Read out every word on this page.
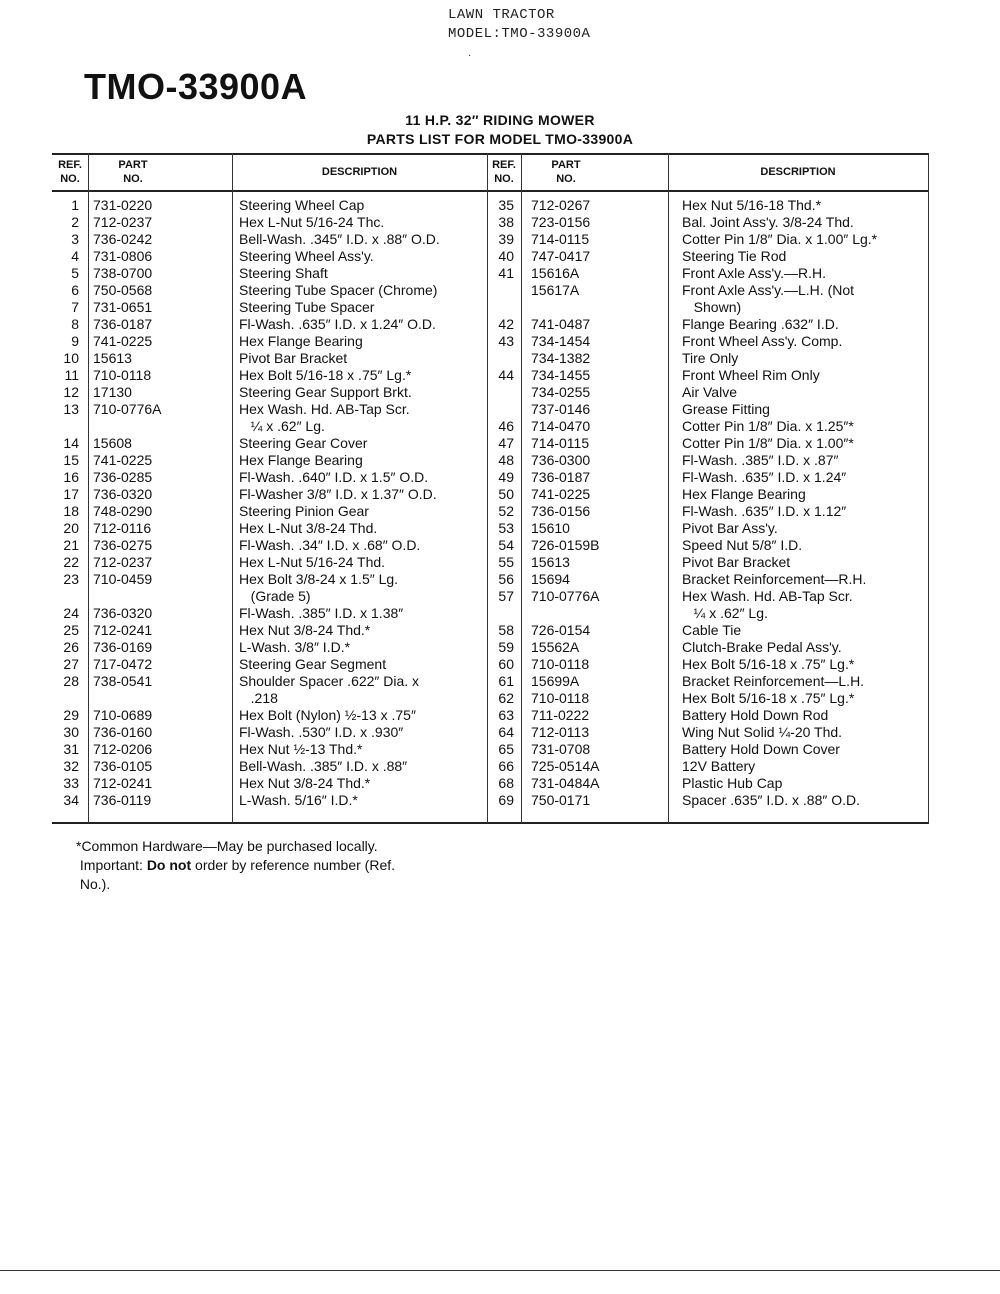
LAWN TRACTOR
MODEL:TMO-33900A
·
TMO-33900A
11 H.P. 32″ RIDING MOWER
PARTS LIST FOR MODEL TMO-33900A
REF.
NO.
PART
NO.
DESCRIPTION
REF.
NO.
PART
NO.
DESCRIPTION
1 731-0220	Steering Wheel Cap	35 712-0267	Hex Nut 5/16-18 Thd.*
2 712-0237	Hex L-Nut 5/16-24 Thc.	38 723-0156	Bal. Joint Ass'y. 3/8-24 Thd.
3 736-0242	Bell-Wash. .345″ I.D. x .88″ O.D.	39 714-0115	Cotter Pin 1/8″ Dia. x 1.00″ Lg.*
4 731-0806	Steering Wheel Ass'y.	40 747-0417	Steering Tie Rod
5 738-0700	Steering Shaft	41 15616A	Front Axle Ass'y.—R.H.
6 750-0568	Steering Tube Spacer (Chrome)	15617A	Front Axle Ass'y.—L.H. (Not
7 731-0651	Steering Tube Spacer	Shown)
8 736-0187	Fl-Wash. .635″ I.D. x 1.24″ O.D.	42 741-0487	Flange Bearing .632″ I.D.
9 741-0225	Hex Flange Bearing	43 734-1454	Front Wheel Ass'y. Comp.
10 15613	Pivot Bar Bracket	734-1382	Tire Only
11 710-0118	Hex Bolt 5/16-18 x .75″ Lg.*	44 734-1455	Front Wheel Rim Only
12 17130	Steering Gear Support Brkt.	734-0255	Air Valve
13 710-0776A	Hex Wash. Hd. AB-Tap Scr.	737-0146	Grease Fitting
¼ x .62″ Lg.	46 714-0470	Cotter Pin 1/8″ Dia. x 1.25″*
14 15608	Steering Gear Cover	47 714-0115	Cotter Pin 1/8″ Dia. x 1.00″*
15 741-0225	Hex Flange Bearing	48 736-0300	Fl-Wash. .385″ I.D. x .87″
16 736-0285	Fl-Wash. .640″ I.D. x 1.5″ O.D.	49 736-0187	Fl-Wash. .635″ I.D. x 1.24″
17 736-0320	Fl-Washer 3/8″ I.D. x 1.37″ O.D.	50 741-0225	Hex Flange Bearing
18 748-0290	Steering Pinion Gear	52 736-0156	Fl-Wash. .635″ I.D. x 1.12″
20 712-0116	Hex L-Nut 3/8-24 Thd.	53 15610	Pivot Bar Ass'y.
21 736-0275	Fl-Wash. .34″ I.D. x .68″ O.D.	54 726-0159B	Speed Nut 5/8″ I.D.
22 712-0237	Hex L-Nut 5/16-24 Thd.	55 15613	Pivot Bar Bracket
23 710-0459	Hex Bolt 3/8-24 x 1.5″ Lg.	56 15694	Bracket Reinforcement—R.H.
(Grade 5)	57 710-0776A	Hex Wash. Hd. AB-Tap Scr.
24 736-0320	Fl-Wash. .385″ I.D. x 1.38″	¼ x .62″ Lg.
25 712-0241	Hex Nut 3/8-24 Thd.*	58 726-0154	Cable Tie
26 736-0169	L-Wash. 3/8″ I.D.*	59 15562A	Clutch-Brake Pedal Ass'y.
27 717-0472	Steering Gear Segment	60 710-0118	Hex Bolt 5/16-18 x .75″ Lg.*
28 738-0541	Shoulder Spacer .622″ Dia. x	61 15699A	Bracket Reinforcement—L.H.
.218	62 710-0118	Hex Bolt 5/16-18 x .75″ Lg.*
29 710-0689	Hex Bolt (Nylon) ½-13 x .75″	63 711-0222	Battery Hold Down Rod
30 736-0160	Fl-Wash. .530″ I.D. x .930″	64 712-0113	Wing Nut Solid ¼-20 Thd.
31 712-0206	Hex Nut ½-13 Thd.*	65 731-0708	Battery Hold Down Cover
32 736-0105	Bell-Wash. .385″ I.D. x .88″	66 725-0514A	12V Battery
33 712-0241	Hex Nut 3/8-24 Thd.*	68 731-0484A	Plastic Hub Cap
34 736-0119	L-Wash. 5/16″ I.D.*	69 750-0171	Spacer .635″ I.D. x .88″ O.D.
*Common Hardware—May be purchased locally.
Important: Do not order by reference number (Ref.
No.).
